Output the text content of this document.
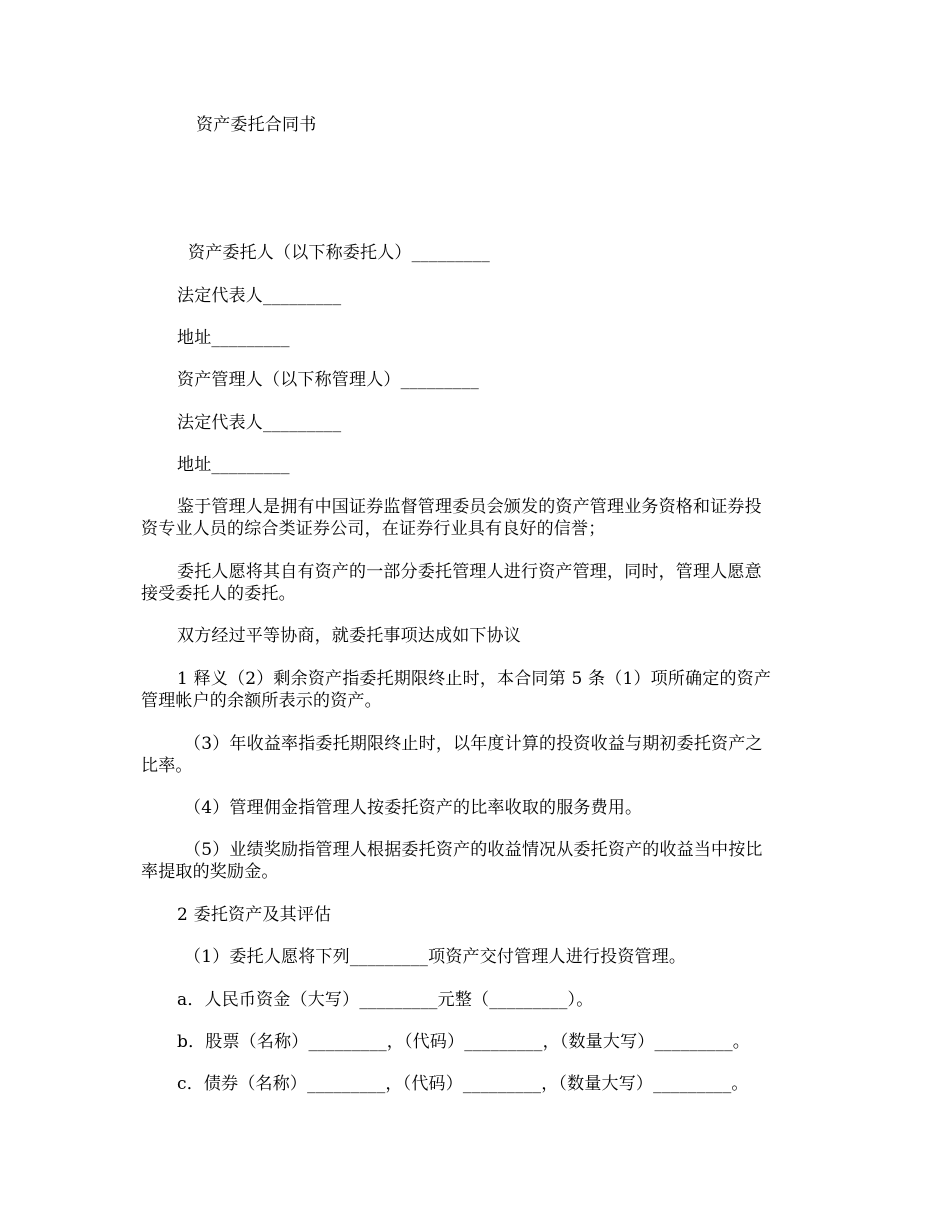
资产委托合同书
资产委托人（以下称委托人）_________
法定代表人_________
地址_________
资产管理人（以下称管理人）_________
法定代表人_________
地址_________
鉴于管理人是拥有中国证券监督管理委员会颁发的资产管理业务资格和证券投
资专业人员的综合类证券公司，在证券行业具有良好的信誉；
委托人愿将其自有资产的一部分委托管理人进行资产管理，同时，管理人愿意
接受委托人的委托。
双方经过平等协商，就委托事项达成如下协议
1 释义（2）剩余资产指委托期限终止时，本合同第 5 条（1）项所确定的资产
管理帐户的余额所表示的资产。
（3）年收益率指委托期限终止时，以年度计算的投资收益与期初委托资产之
比率。
（4）管理佣金指管理人按委托资产的比率收取的服务费用。
（5）业绩奖励指管理人根据委托资产的收益情况从委托资产的收益当中按比
率提取的奖励金。
2 委托资产及其评估
（1）委托人愿将下列_________项资产交付管理人进行投资管理。
a．人民币资金（大写）_________元整（_________）。
b．股票（名称）_________，（代码）_________，（数量大写）_________。
c．债券（名称）_________，（代码）_________，（数量大写）_________。
